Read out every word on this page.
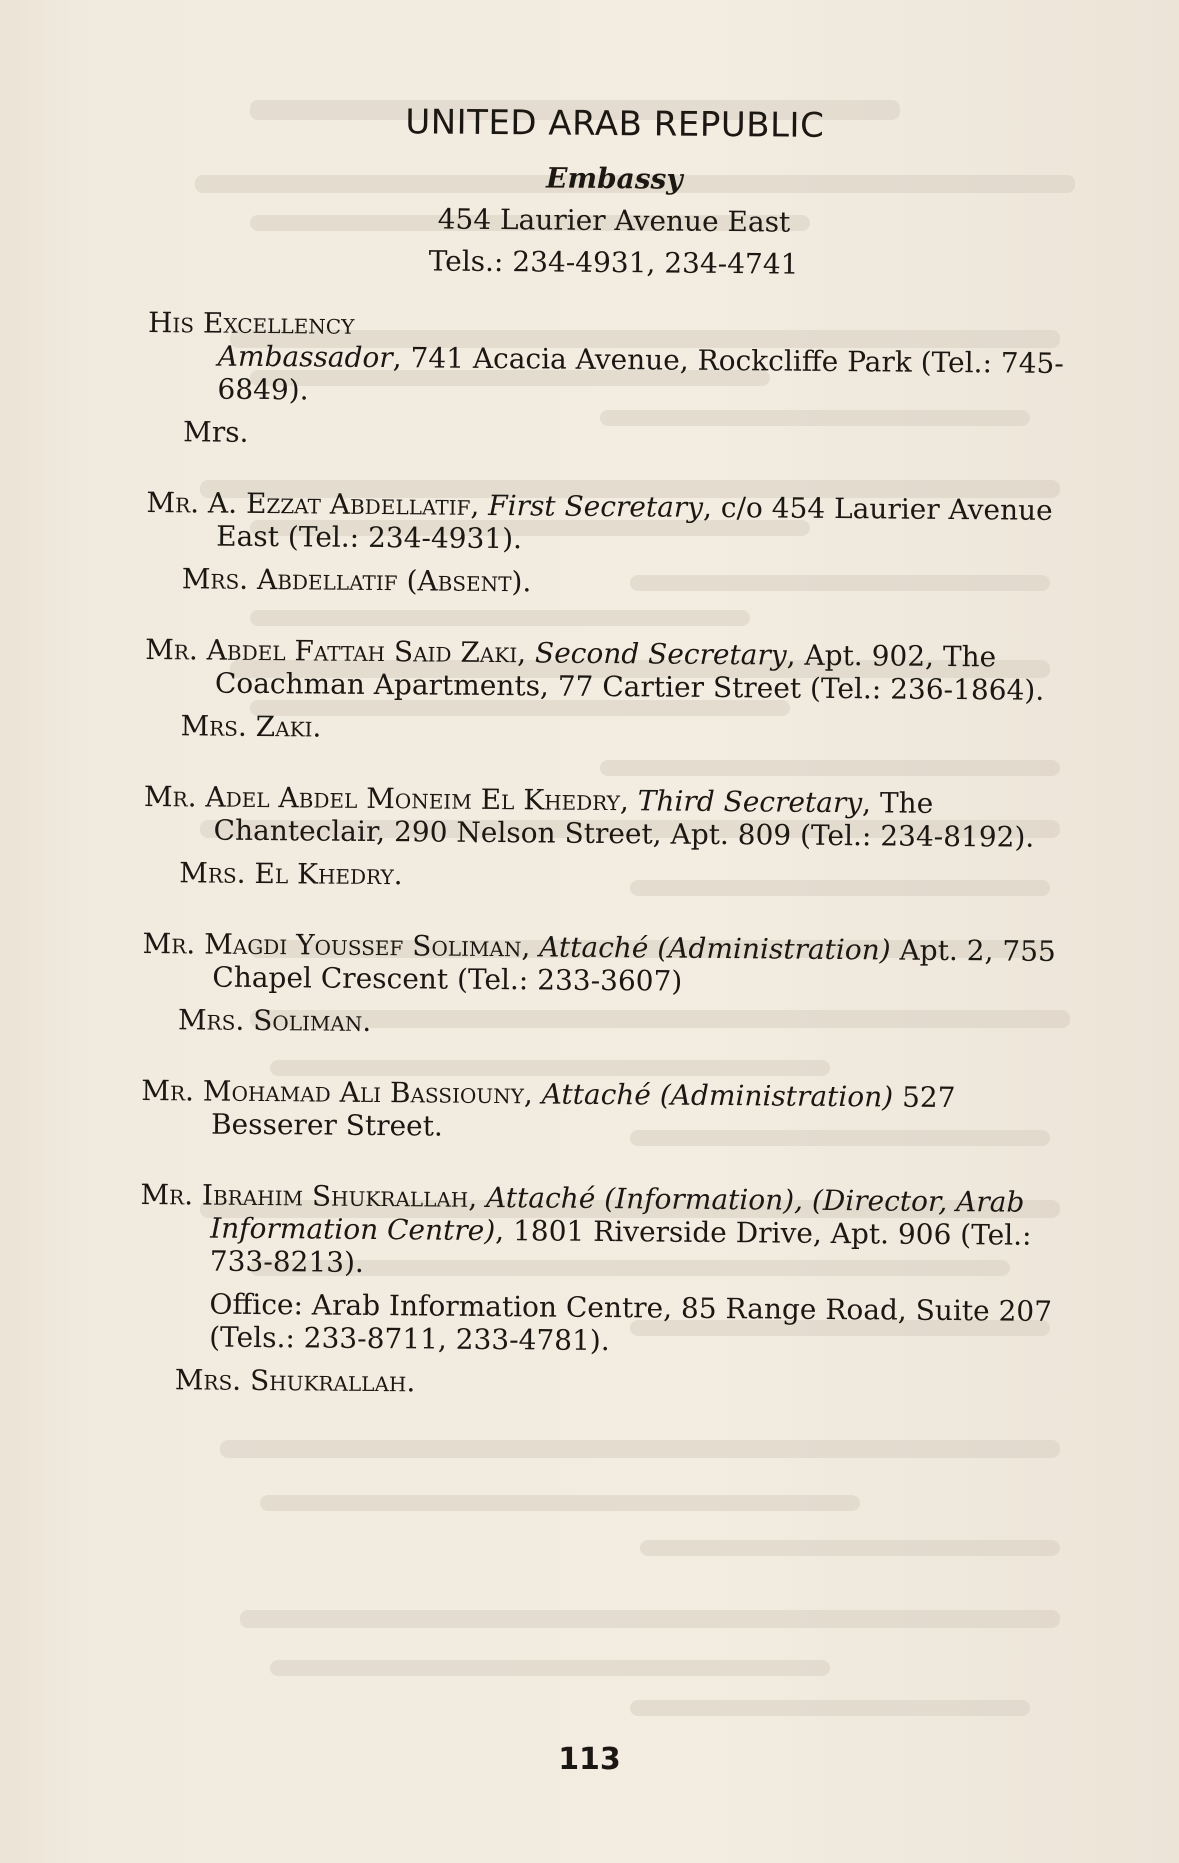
UNITED ARAB REPUBLIC
Embassy
454 Laurier Avenue East
Tels.: 234-4931, 234-4741
His Excellency
Ambassador, 741 Acacia Avenue, Rockcliffe Park (Tel.: 745-6849).
Mrs.
Mr. A. Ezzat Abdellatif, First Secretary, c/o 454 Laurier Avenue East (Tel.: 234-4931).
Mrs. Abdellatif (Absent).
Mr. Abdel Fattah Said Zaki, Second Secretary, Apt. 902, The Coachman Apartments, 77 Cartier Street (Tel.: 236-1864).
Mrs. Zaki.
Mr. Adel Abdel Moneim El Khedry, Third Secretary, The Chanteclair, 290 Nelson Street, Apt. 809 (Tel.: 234-8192).
Mrs. El Khedry.
Mr. Magdi Youssef Soliman, Attaché (Administration) Apt. 2, 755 Chapel Crescent (Tel.: 233-3607)
Mrs. Soliman.
Mr. Mohamad Ali Bassiouny, Attaché (Administration) 527 Besserer Street.
Mr. Ibrahim Shukrallah, Attaché (Information), (Director, Arab Information Centre), 1801 Riverside Drive, Apt. 906 (Tel.: 733-8213).
Office: Arab Information Centre, 85 Range Road, Suite 207 (Tels.: 233-8711, 233-4781).
Mrs. Shukrallah.
113
